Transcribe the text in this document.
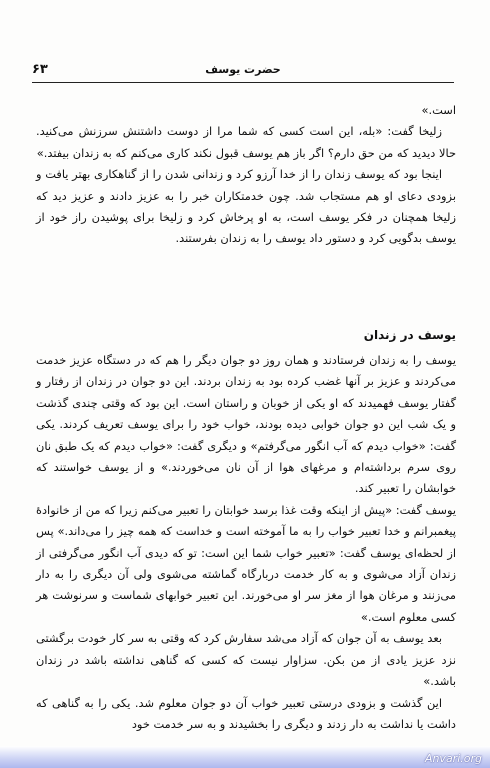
۶۳	حضرت یوسف

است.»

زلیخا گفت: «بله، این است کسی که شما مرا از دوست داشتنش سرزنش می‌کنید. حالا دیدید که من حق دارم؟ اگر باز هم یوسف قبول نکند کاری می‌کنم که به زندان بیفتد.»

اینجا بود که یوسف زندان را از خدا آرزو کرد و زندانی شدن را از گناهکاری بهتر یافت و بزودی دعای او هم مستجاب شد. چون خدمتکاران خبر را به عزیز دادند و عزیز دید که زلیخا همچنان در فکر یوسف است، به او پرخاش کرد و زلیخا برای پوشیدن راز خود از یوسف بدگویی کرد و دستور داد یوسف را به زندان بفرستند.

یوسف در زندان

یوسف را به زندان فرستادند و همان روز دو جوان دیگر را هم که در دستگاه عزیز خدمت می‌کردند و عزیز بر آنها غضب کرده بود به زندان بردند. این دو جوان در زندان از رفتار و گفتار یوسف فهمیدند که او یکی از خوبان و راستان است. این بود که وقتی چندی گذشت و یک شب این دو جوان خوابی دیده بودند، خواب خود را برای یوسف تعریف کردند. یکی گفت: «خواب دیدم که آب انگور می‌گرفتم» و دیگری گفت: «خواب دیدم که یک طبق نان روی سرم برداشته‌ام و مرغهای هوا از آن نان می‌خوردند.» و از یوسف خواستند که خوابشان را تعبیر کند.

یوسف گفت: «پیش از اینکه وقت غذا برسد خوابتان را تعبیر می‌کنم زیرا که من از خانوادهٔ پیغمبرانم و خدا تعبیر خواب را به ما آموخته است و خداست که همه چیز را می‌داند.» پس از لحظه‌ای یوسف گفت: «تعبیر خواب شما این است: تو که دیدی آب انگور می‌گرفتی از زندان آزاد می‌شوی و به کار خدمت دربارگاه گماشته می‌شوی ولی آن دیگری را به دار می‌زنند و مرغان هوا از مغز سر او می‌خورند. این تعبیر خوابهای شماست و سرنوشت هر کسی معلوم است.»

بعد یوسف به آن جوان که آزاد می‌شد سفارش کرد که وقتی به سر کار خودت برگشتی نزد عزیز یادی از من بکن. سزاوار نیست که کسی که گناهی نداشته باشد در زندان باشد.»

این گذشت و بزودی درستی تعبیر خواب آن دو جوان معلوم شد. یکی را به گناهی که داشت یا نداشت به دار زدند و دیگری را بخشیدند و به سر خدمت خود

Anvari.org
